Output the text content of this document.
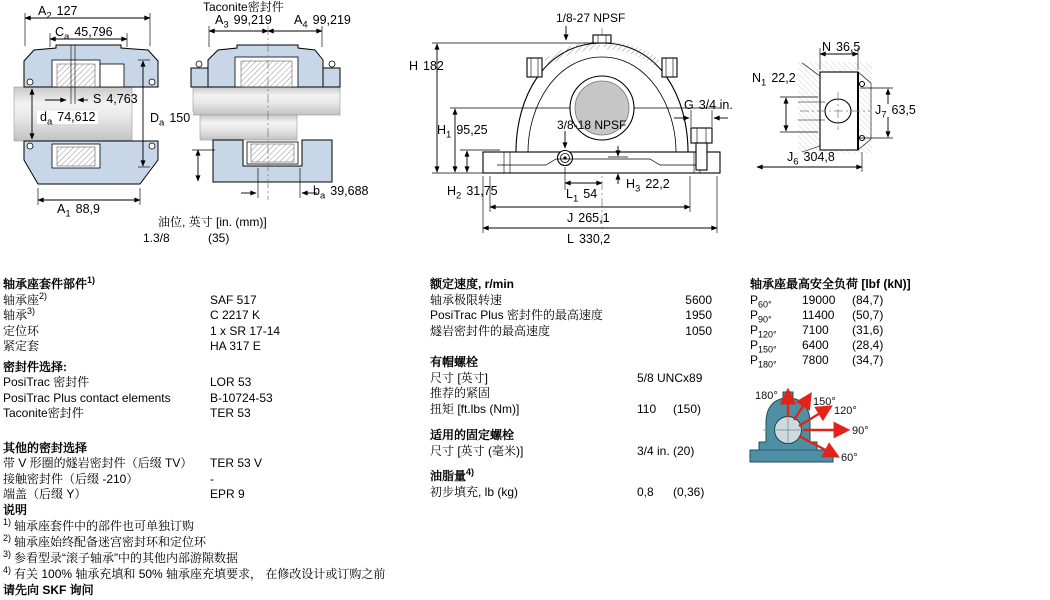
$A_2$ 127
$C_a$ 45,796
S 4,763
$d_a$ 74,612	$D_a$ 150
$A_1$ 88,9
Taconite密封件
$A_3$ 99,219 $A_4$ 99,219
$b_a$ 39,688
油位, 英寸 [in. (mm)]
1.3/8	(35)
1/8-27 NPSF
H 182
$H_1$ 95,25	3/8-18 NPSF
G 3/4 in.
$H_2$ 31,75	$H_3$ 22,2
$L_1$ 54
J 265,1
L 330,2
N 36,5
$N_1$ 22,2
$J_7$ 63,5
$J_6$ 304,8
轴承座套件部件$^{1)}$
轴承座$^{2)}$	SAF 517
轴承$^{3)}$	C 2217 K
定位环	1 x SR 17-14
紧定套	HA 317 E
密封件选择:
PosiTrac 密封件	LOR 53
PosiTrac Plus contact elements	B-10724-53
Taconite密封件	TER 53
其他的密封选择
带 V 形圈的燧岩密封件（后缀 TV）	TER 53 V
接触密封件（后缀 -210）	-
端盖（后缀 Y）	EPR 9
额定速度, r/min
轴承极限转速	5600
PosiTrac Plus 密封件的最高速度	1950
燧岩密封件的最高速度	1050
有帽螺栓
尺寸 [英寸]	5/8 UNCx89
推荐的紧固
扭矩 [ft.lbs (Nm)]	110 (150)
适用的固定螺栓
尺寸 [英寸 (毫米)]	3/4 in. (20)
油脂量$^{4)}$
初步填充, lb (kg)	0,8 (0,36)
轴承座最高安全负荷 [lbf (kN)]
$P_{60^\circ}$	19000	(84,7)
$P_{90^\circ}$	11400	(50,7)
$P_{120^\circ}$	7100	(31,6)
$P_{150^\circ}$	6400	(28,4)
$P_{180^\circ}$	7800	(34,7)
180°	150°
120°
90°
60°
说明
$^{1)}$ 轴承座套件中的部件也可单独订购
$^{2)}$ 轴承座始终配备迷宫密封环和定位环
$^{3)}$ 参看型录“滚子轴承”中的其他内部游隙数据
$^{4)}$ 有关 100% 轴承充填和 50% 轴承座充填要求， 在修改设计或订购之前
请先向 SKF 询问
